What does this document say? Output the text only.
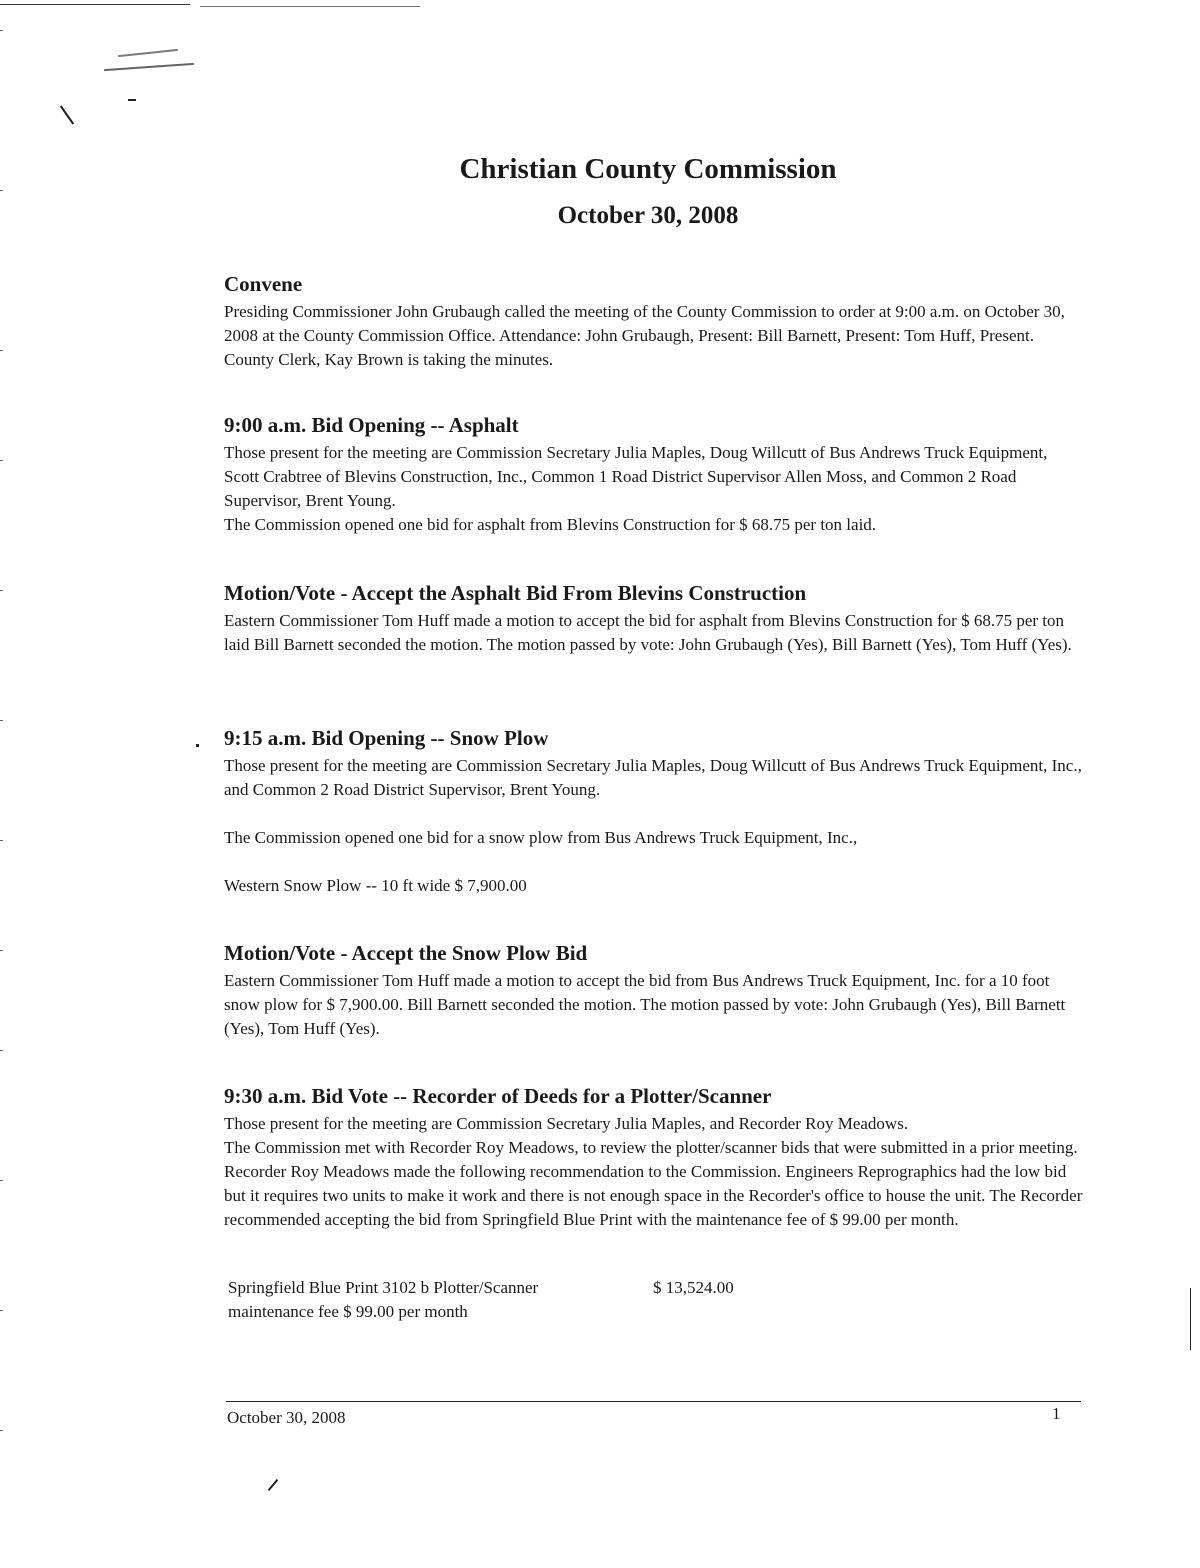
Christian County Commission
October 30, 2008
Convene

Presiding Commissioner John Grubaugh called the meeting of the County Commission to order at 9:00 a.m. on October 30, 2008 at the County Commission Office. Attendance: John Grubaugh, Present: Bill Barnett, Present: Tom Huff, Present. County Clerk, Kay Brown is taking the minutes.

9:00 a.m. Bid Opening -- Asphalt

Those present for the meeting are Commission Secretary Julia Maples, Doug Willcutt of Bus Andrews Truck Equipment, Scott Crabtree of Blevins Construction, Inc., Common 1 Road District Supervisor Allen Moss, and Common 2 Road Supervisor, Brent Young.

The Commission opened one bid for asphalt from Blevins Construction for $ 68.75 per ton laid.

Motion/Vote - Accept the Asphalt Bid From Blevins Construction

Eastern Commissioner Tom Huff made a motion to accept the bid for asphalt from Blevins Construction for $ 68.75 per ton laid Bill Barnett seconded the motion. The motion passed by vote: John Grubaugh (Yes), Bill Barnett (Yes), Tom Huff (Yes).

9:15 a.m. Bid Opening -- Snow Plow

Those present for the meeting are Commission Secretary Julia Maples, Doug Willcutt of Bus Andrews Truck Equipment, Inc., and Common 2 Road District Supervisor, Brent Young.

The Commission opened one bid for a snow plow from Bus Andrews Truck Equipment, Inc.,

Western Snow Plow -- 10 ft wide $ 7,900.00

Motion/Vote - Accept the Snow Plow Bid

Eastern Commissioner Tom Huff made a motion to accept the bid from Bus Andrews Truck Equipment, Inc. for a 10 foot snow plow for $ 7,900.00. Bill Barnett seconded the motion. The motion passed by vote: John Grubaugh (Yes), Bill Barnett (Yes), Tom Huff (Yes).

9:30 a.m. Bid Vote -- Recorder of Deeds for a Plotter/Scanner

Those present for the meeting are Commission Secretary Julia Maples, and Recorder Roy Meadows.

The Commission met with Recorder Roy Meadows, to review the plotter/scanner bids that were submitted in a prior meeting. Recorder Roy Meadows made the following recommendation to the Commission. Engineers Reprographics had the low bid but it requires two units to make it work and there is not enough space in the Recorder's office to house the unit. The Recorder recommended accepting the bid from Springfield Blue Print with the maintenance fee of $ 99.00 per month.

Springfield Blue Print 3102 b Plotter/Scanner	$ 13,524.00
maintenance fee $ 99.00 per month
October 30, 2008	1
